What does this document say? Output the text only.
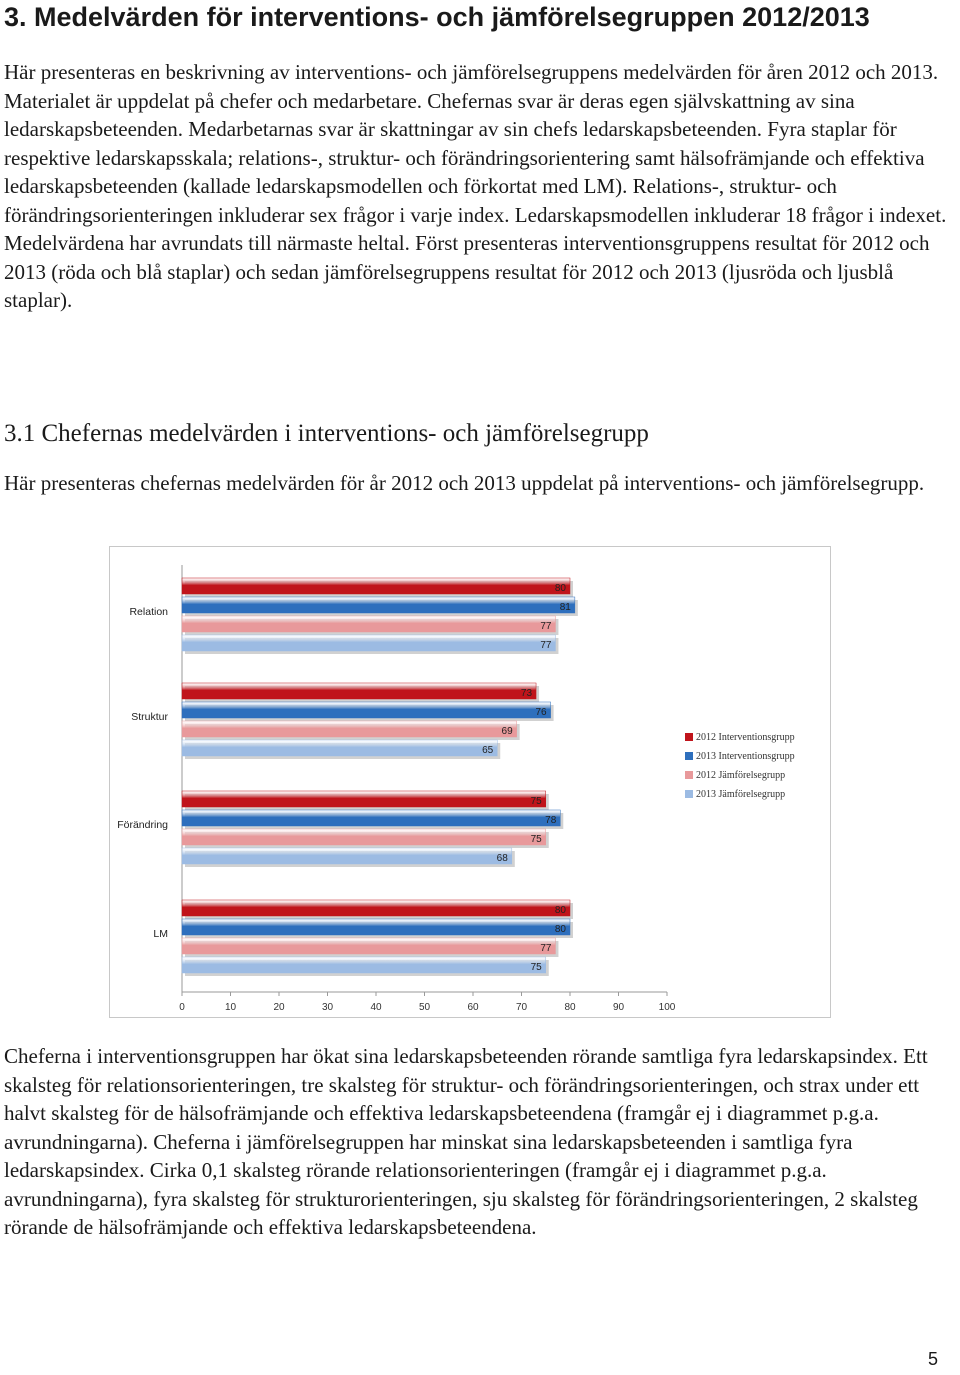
3. Medelvärden för interventions- och jämförelsegruppen 2012/2013

Här presenteras en beskrivning av interventions- och jämförelsegruppens medelvärden för åren 2012 och 2013. Materialet är uppdelat på chefer och medarbetare. Chefernas svar är deras egen självskattning av sina ledarskapsbeteenden. Medarbetarnas svar är skattningar av sin chefs ledarskapsbeteenden. Fyra staplar för respektive ledarskapsskala; relations-, struktur- och förändringsorientering samt hälsofrämjande och effektiva ledarskapsbeteenden (kallade ledarskapsmodellen och förkortat med LM). Relations-, struktur- och förändringsorienteringen inkluderar sex frågor i varje index. Ledarskapsmodellen inkluderar 18 frågor i indexet. Medelvärdena har avrundats till närmaste heltal. Först presenteras interventionsgruppens resultat för 2012 och 2013 (röda och blå staplar) och sedan jämförelsegruppens resultat för 2012 och 2013 (ljusröda och ljusblå staplar).

3.1 Chefernas medelvärden i interventions- och jämförelsegrupp

Här presenteras chefernas medelvärden för år 2012 och 2013 uppdelat på interventions- och jämförelsegrupp.

0	10	20	30	40	50	60	70	80	90	100
80
81
77
77
Relation
73
76
69
65
Struktur
75
78
75
68
Förändring
80
80
77
75
LM
2012 Interventionsgrupp
2013 Interventionsgrupp
2012 Jämförelsegrupp
2013 Jämförelsegrupp

Cheferna i interventionsgruppen har ökat sina ledarskapsbeteenden rörande samtliga fyra ledarskapsindex. Ett skalsteg för relationsorienteringen, tre skalsteg för struktur- och förändringsorienteringen, och strax under ett halvt skalsteg för de hälsofrämjande och effektiva ledarskapsbeteendena (framgår ej i diagrammet p.g.a. avrundningarna). Cheferna i jämförelsegruppen har minskat sina ledarskapsbeteenden i samtliga fyra ledarskapsindex. Cirka 0,1 skalsteg rörande relationsorienteringen (framgår ej i diagrammet p.g.a. avrundningarna), fyra skalsteg för strukturorienteringen, sju skalsteg för förändringsorienteringen, 2 skalsteg rörande de hälsofrämjande och effektiva ledarskapsbeteendena.

5
